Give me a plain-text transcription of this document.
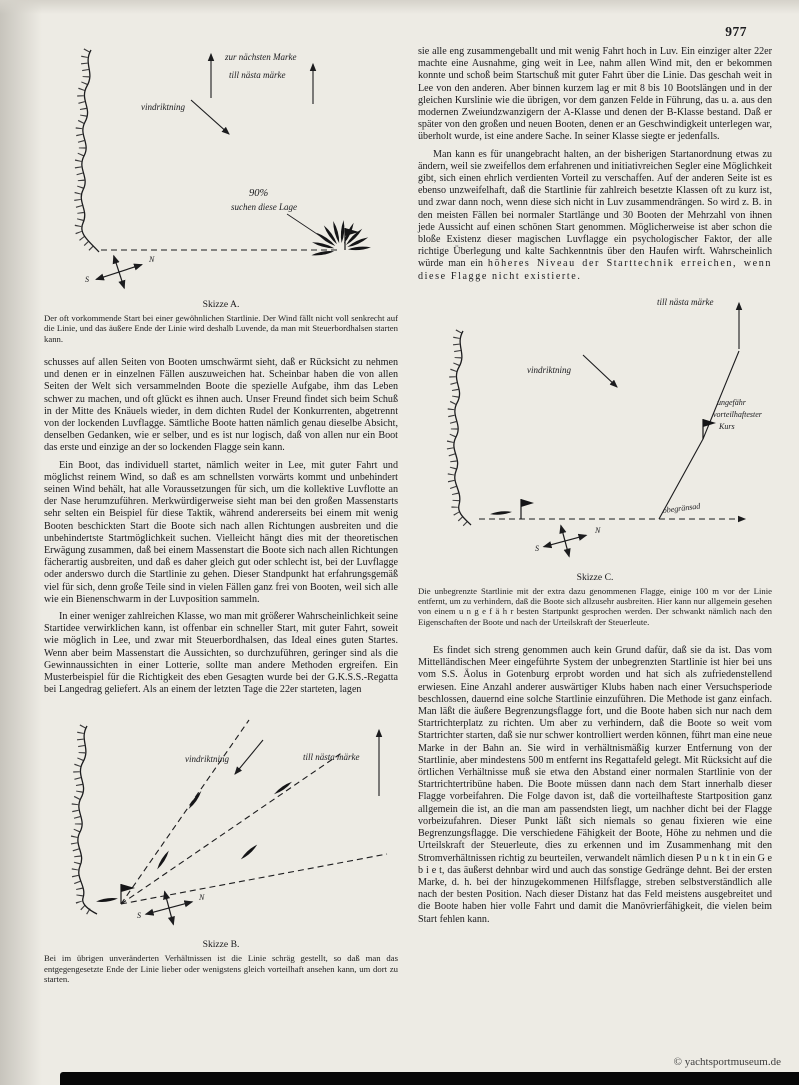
977
zur nächsten Marke
till nästa märke
vindriktning
90%
suchen diese Lage
S
N
Skizze A.
Der oft vorkommende Start bei einer gewöhnlichen Startlinie. Der Wind fällt nicht voll senkrecht auf die Linie, und das äußere Ende der Linie wird deshalb Luvende, da man mit Steuerbordhalsen starten kann.

schusses auf allen Seiten von Booten umschwärmt sieht, daß er Rücksicht zu nehmen und denen er in einzelnen Fällen auszuweichen hat. Scheinbar haben die von allen Seiten der Welt sich versammelnden Boote die spezielle Aufgabe, ihm das Leben schwer zu machen, und oft glückt es ihnen auch. Unser Freund findet sich beim Schuß in der Mitte des Knäuels wieder, in dem dichten Rudel der Konkurrenten, abgetrennt von der lockenden Luvflagge. Sämtliche Boote hatten nämlich genau dieselbe Absicht, denselben Gedanken, wie er selber, und es ist nur logisch, daß von allen nur ein Boot das erste und einzige an der so lockenden Flagge sein kann.

Ein Boot, das individuell startet, nämlich weiter in Lee, mit guter Fahrt und möglichst reinem Wind, so daß es am schnellsten vorwärts kommt und unbehindert seinen Wind behält, hat alle Voraussetzungen für sich, um die kollektive Luvflotte an der Nase herumzuführen. Merkwürdigerweise sieht man bei den großen Massenstarts sehr selten ein Beispiel für diese Taktik, während andererseits bei einem mit wenig Booten beschickten Start die Boote sich nach allen Richtungen ausbreiten und die unbehindertste Startmöglichkeit suchen. Vielleicht hängt dies mit der theoretischen Erwägung zusammen, daß bei einem Massenstart die Boote sich nach allen Richtungen fächerartig ausbreiten, und daß es daher gleich gut oder schlecht ist, bei der Luvflagge oder anderswo durch die Startlinie zu gehen. Dieser Standpunkt hat erfahrungsgemäß viel für sich, denn große Teile sind in vielen Fällen ganz frei von Booten, weil sich alle wie ein Bienenschwarm in der Luvposition sammeln.

In einer weniger zahlreichen Klasse, wo man mit größerer Wahrscheinlichkeit seine Startidee verwirklichen kann, ist offenbar ein schneller Start, mit guter Fahrt, soweit wie möglich in Lee, und zwar mit Steuerbordhalsen, das Ideal eines guten Startes. Wenn aber beim Massenstart die Aussichten, so durchzuführen, geringer sind als die Gewinnaussichten in einer Lotterie, sollte man andere Methoden ergreifen. Ein Musterbeispiel für die Richtigkeit des eben Gesagten wurde bei der G.K.S.S.-Regatta bei Langedrag geliefert. Als an einem der letzten Tage die 22er starteten, lagen

vindriktning	till nästa märke
S
N
Skizze B.
Bei im übrigen unveränderten Verhältnissen ist die Linie schräg gestellt, so daß man das entgegengesetzte Ende der Linie lieber oder wenigstens gleich vorteilhaft ansehen kann, um dort zu starten.

sie alle eng zusammengeballt und mit wenig Fahrt hoch in Luv. Ein einziger alter 22er machte eine Ausnahme, ging weit in Lee, nahm allen Wind mit, den er bekommen konnte und schoß beim Startschuß mit guter Fahrt über die Linie. Das geschah weit in Lee von den anderen. Aber binnen kurzem lag er mit 8 bis 10 Bootslängen und in der gleichen Kurslinie wie die übrigen, vor dem ganzen Felde in Führung, das u. a. aus den modernen Zweiundzwanzigern der A-Klasse und denen der B-Klasse bestand. Daß er später von den großen und neuen Booten, denen er an Geschwindigkeit unterlegen war, überholt wurde, ist eine andere Sache. In seiner Klasse siegte er jedenfalls.

Man kann es für unangebracht halten, an der bisherigen Startanordnung etwas zu ändern, weil sie zweifellos dem erfahrenen und initiativreichen Segler eine Möglichkeit gibt, sich einen ehrlich verdienten Vorteil zu verschaffen. Auf der anderen Seite ist es ebenso unzweifelhaft, daß die Startlinie für zahlreich besetzte Klassen oft zu kurz ist, und zwar dann noch, wenn diese sich nicht in Luv zusammendrängen. So wird z. B. in den meisten Fällen bei normaler Startlänge und 30 Booten der Mehrzahl von ihnen jede Aussicht auf einen schönen Start genommen. Möglicherweise ist aber schon die bloße Existenz dieser magischen Luvflagge ein psychologischer Faktor, der alle richtige Überlegung und kalte Sachkenntnis über den Haufen wirft. Wahrscheinlich würde man ein höheres Niveau der Starttechnik erreichen, wenn diese Flagge nicht existierte.

till nästa märke
ungefähr
vorteilhaftester
Kurs
vindriktning
obegränsad
S
N
Skizze C.
Die unbegrenzte Startlinie mit der extra dazu genommenen Flagge, einige 100 m vor der Linie entfernt, um zu verhindern, daß die Boote sich allzusehr ausbreiten. Hier kann nur allgemein gesehen von einem u n g e f ä h r besten Startpunkt gesprochen werden. Der schwankt nämlich nach den Eigenschaften der Boote und nach der Urteilskraft der Steuerleute.

Es findet sich streng genommen auch kein Grund dafür, daß sie da ist. Das vom Mittelländischen Meer eingeführte System der unbegrenzten Startlinie ist hier bei uns vom S.S. Äolus in Gotenburg erprobt worden und hat sich als zufriedenstellend erwiesen. Eine Anzahl anderer auswärtiger Klubs haben nach einer Versuchsperiode beschlossen, dauernd eine solche Startlinie einzuführen. Die Methode ist ganz einfach. Man läßt die äußere Begrenzungsflagge fort, und die Boote haben sich nur nach dem Startrichterplatz zu richten. Um aber zu verhindern, daß die Boote so weit vom Startrichter starten, daß sie nur schwer kontrolliert werden können, führt man eine neue Marke in der Bahn an. Sie wird in verhältnismäßig kurzer Entfernung von der Startlinie, aber mindestens 500 m entfernt ins Regattafeld gelegt. Mit Rücksicht auf die örtlichen Verhältnisse muß sie etwa den Abstand einer normalen Startlinie von der Startrichtertribüne haben. Die Boote müssen dann nach dem Start innerhalb dieser Flagge vorbeifahren. Die Folge davon ist, daß die vorteilhafteste Startposition ganz allgemein die ist, an die man am passendsten liegt, um nachher dicht bei der Flagge vorbeizufahren. Dieser Punkt läßt sich niemals so genau fixieren wie eine Begrenzungsflagge. Die verschiedene Fähigkeit der Boote, Höhe zu nehmen und die Urteilskraft der Steuerleute, dies zu erkennen und im Zusammenhang mit den Stromverhältnissen richtig zu beurteilen, verwandelt nämlich diesen P u n k t in ein G e b i e t, das äußerst dehnbar wird und auch das sonstige Gedränge dehnt. Bei der ersten Marke, d. h. bei der hinzugekommenen Hilfsflagge, streben selbstverständlich alle nach der besten Position. Nach dieser Distanz hat das Feld meistens ausgebreitet und die Boote haben hier volle Fahrt und damit die Manövrierfähigkeit, die vielen beim Start fehlen kann.

© yachtsportmuseum.de
